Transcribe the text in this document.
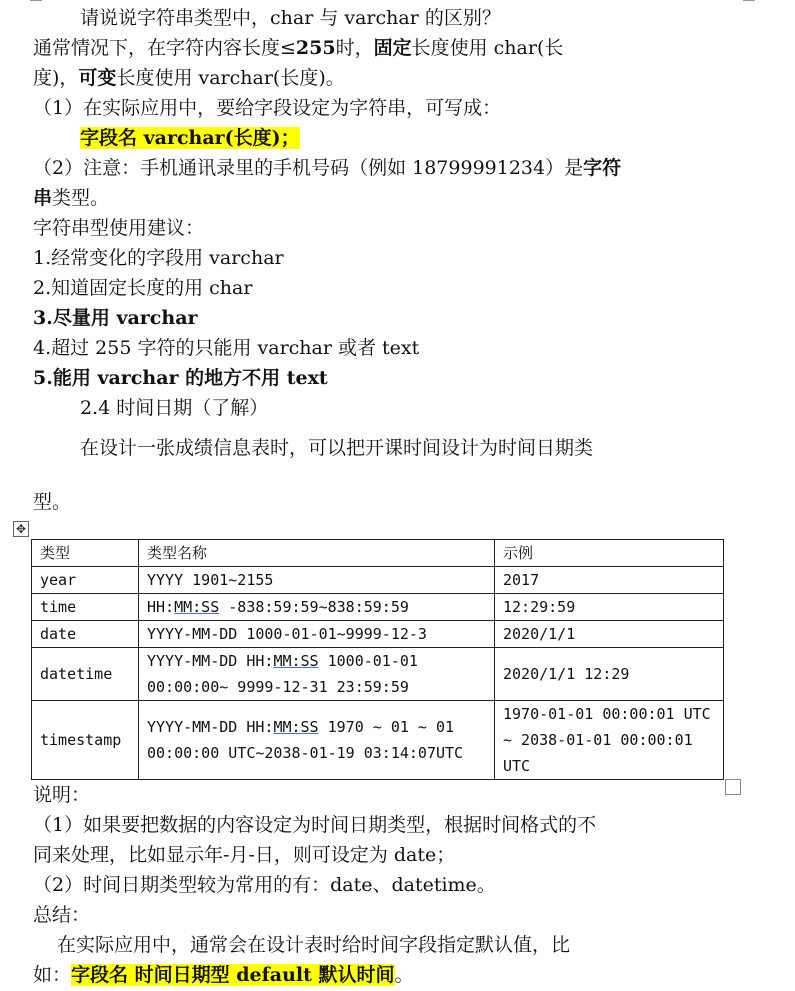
请说说字符串类型中，char 与 varchar 的区别？
通常情况下，在字符内容长度≤255时，固定长度使用 char(长
度)，可变长度使用 varchar(长度)。
（1）在实际应用中，要给字段设定为字符串，可写成：
字段名 varchar(长度)；
（2）注意：手机通讯录里的手机号码（例如 18799991234）是字符
串类型。
字符串型使用建议：
1.经常变化的字段用 varchar
2.知道固定长度的用 char
3.尽量用 varchar
4.超过 255 字符的只能用 varchar 或者 text
5.能用 varchar 的地方不用 text
2.4 时间日期（了解）
在设计一张成绩信息表时，可以把开课时间设计为时间日期类
型。
✥
类型	类型名称	示例
year	YYYY 1901~2155	2017
time	HH:MM:SS -838:59:59~838:59:59	12:29:59
date	YYYY-MM-DD 1000-01-01~9999-12-3	2020/1/1
datetime	YYYY-MM-DD HH:MM:SS 1000-01-01
00:00:00~ 9999-12-31 23:59:59	2020/1/1 12:29
timestamp	YYYY-MM-DD HH:MM:SS 1970 ~ 01 ~ 01
00:00:00 UTC~2038-01-19 03:14:07UTC	1970-01-01 00:00:01 UTC ~ 2038-01-01 00:00:01 UTC
说明：
（1）如果要把数据的内容设定为时间日期类型，根据时间格式的不
同来处理，比如显示年-月-日，则可设定为 date；
（2）时间日期类型较为常用的有：date、datetime。
总结：
在实际应用中，通常会在设计表时给时间字段指定默认值，比
如：字段名 时间日期型 default 默认时间。
